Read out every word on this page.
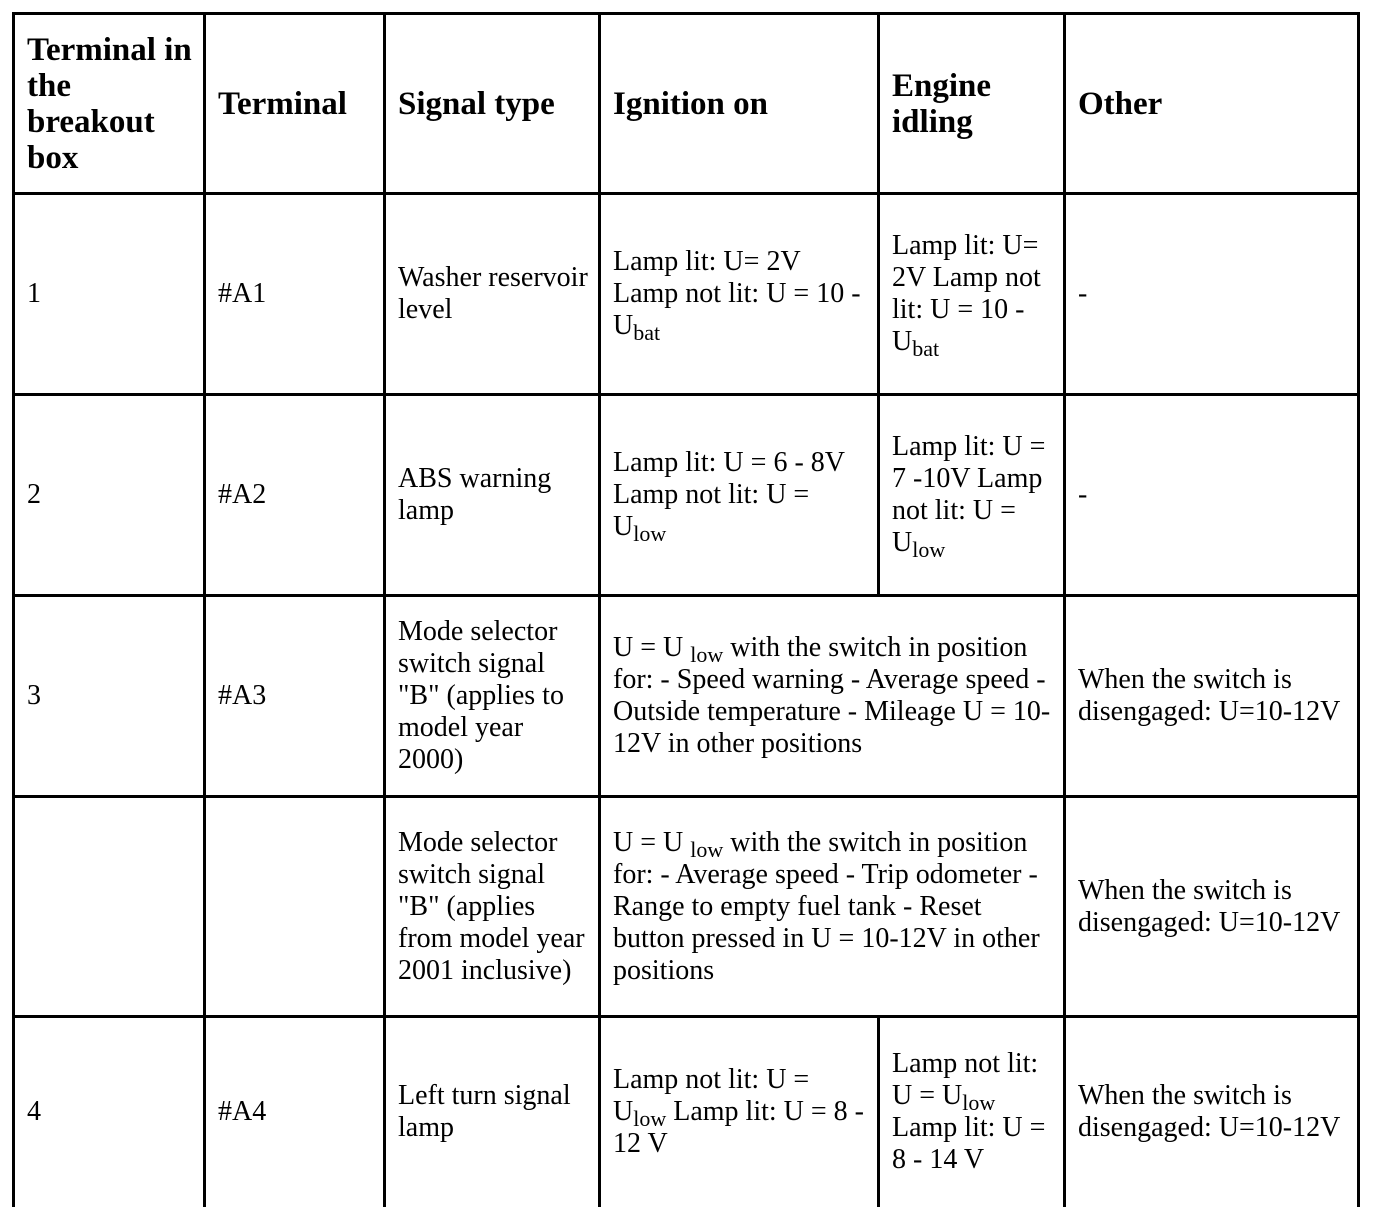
Terminal in the breakout box	Terminal	Signal type	Ignition on	Engine idling	Other
1	#A1	Washer reservoir level	Lamp lit: U= 2V Lamp not lit: $U = 10 - U_{bat}$	Lamp lit: U= 2V Lamp not lit: $U = 10 - U_{bat}$	-
2	#A2	ABS warning lamp	Lamp lit: U = 6 - 8V Lamp not lit: $U = U_{low}$	Lamp lit: U = 7 -10V Lamp not lit: $U = U_{low}$	-
3	#A3	Mode selector switch signal "B" (applies to model year 2000)	U = U $_{low}$ with the switch in position for: - Speed warning - Average speed - Outside temperature - Mileage U = 10-12V in other positions		When the switch is disengaged: U=10-12V
		Mode selector switch signal "B" (applies from model year 2001 inclusive)	U = U $_{low}$ with the switch in position for: - Average speed - Trip odometer - Range to empty fuel tank - Reset button pressed in U = 10-12V in other positions		When the switch is disengaged: U=10-12V
4	#A4	Left turn signal lamp	Lamp not lit: $U = U_{low}$ Lamp lit: U = 8 - 12 V	Lamp not lit: $U = U_{low}$ Lamp lit: U = 8 - 14 V	When the switch is disengaged: U=10-12V
